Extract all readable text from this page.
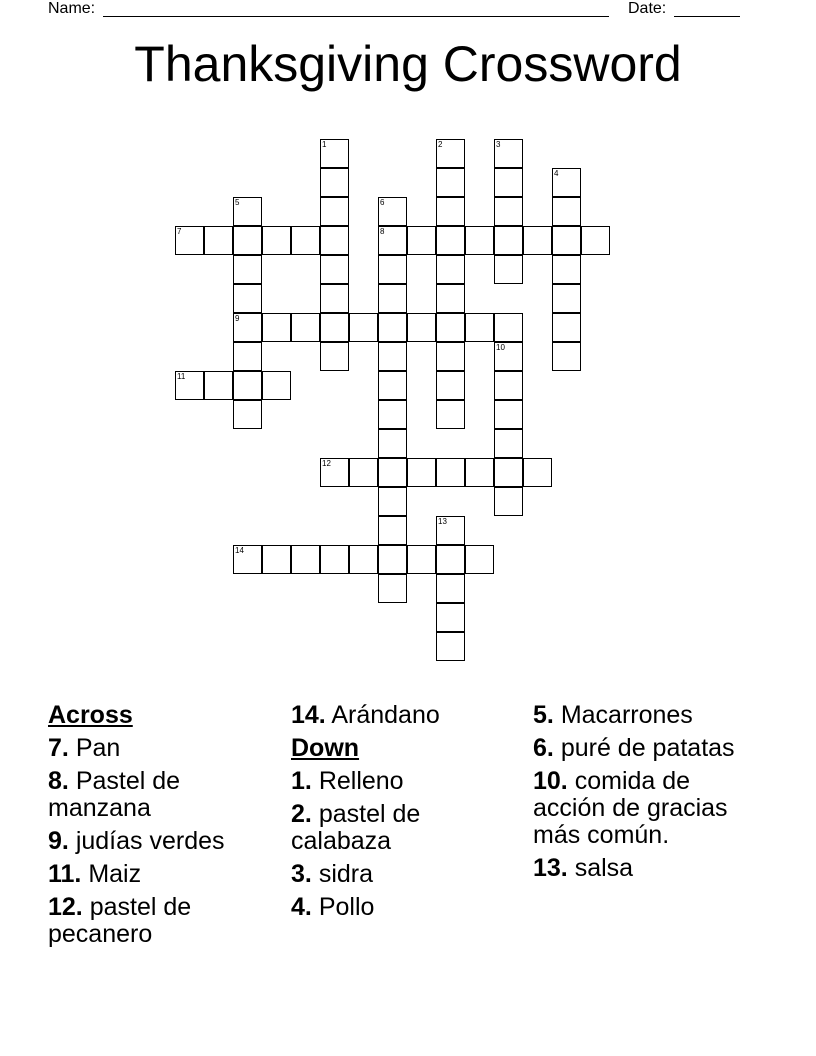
Name:	Date:
Thanksgiving Crossword
1	2	3
4
5
9
6
8
7
10
11
12
13
14
Across
7. Pan
8. Pastel de manzana
9. judías verdes
11. Maiz
12. pastel de pecanero
14. Arándano
Down
1. Relleno
2. pastel de calabaza
3. sidra
4. Pollo
5. Macarrones
6. puré de patatas
10. comida de acción de gracias más común.
13. salsa
